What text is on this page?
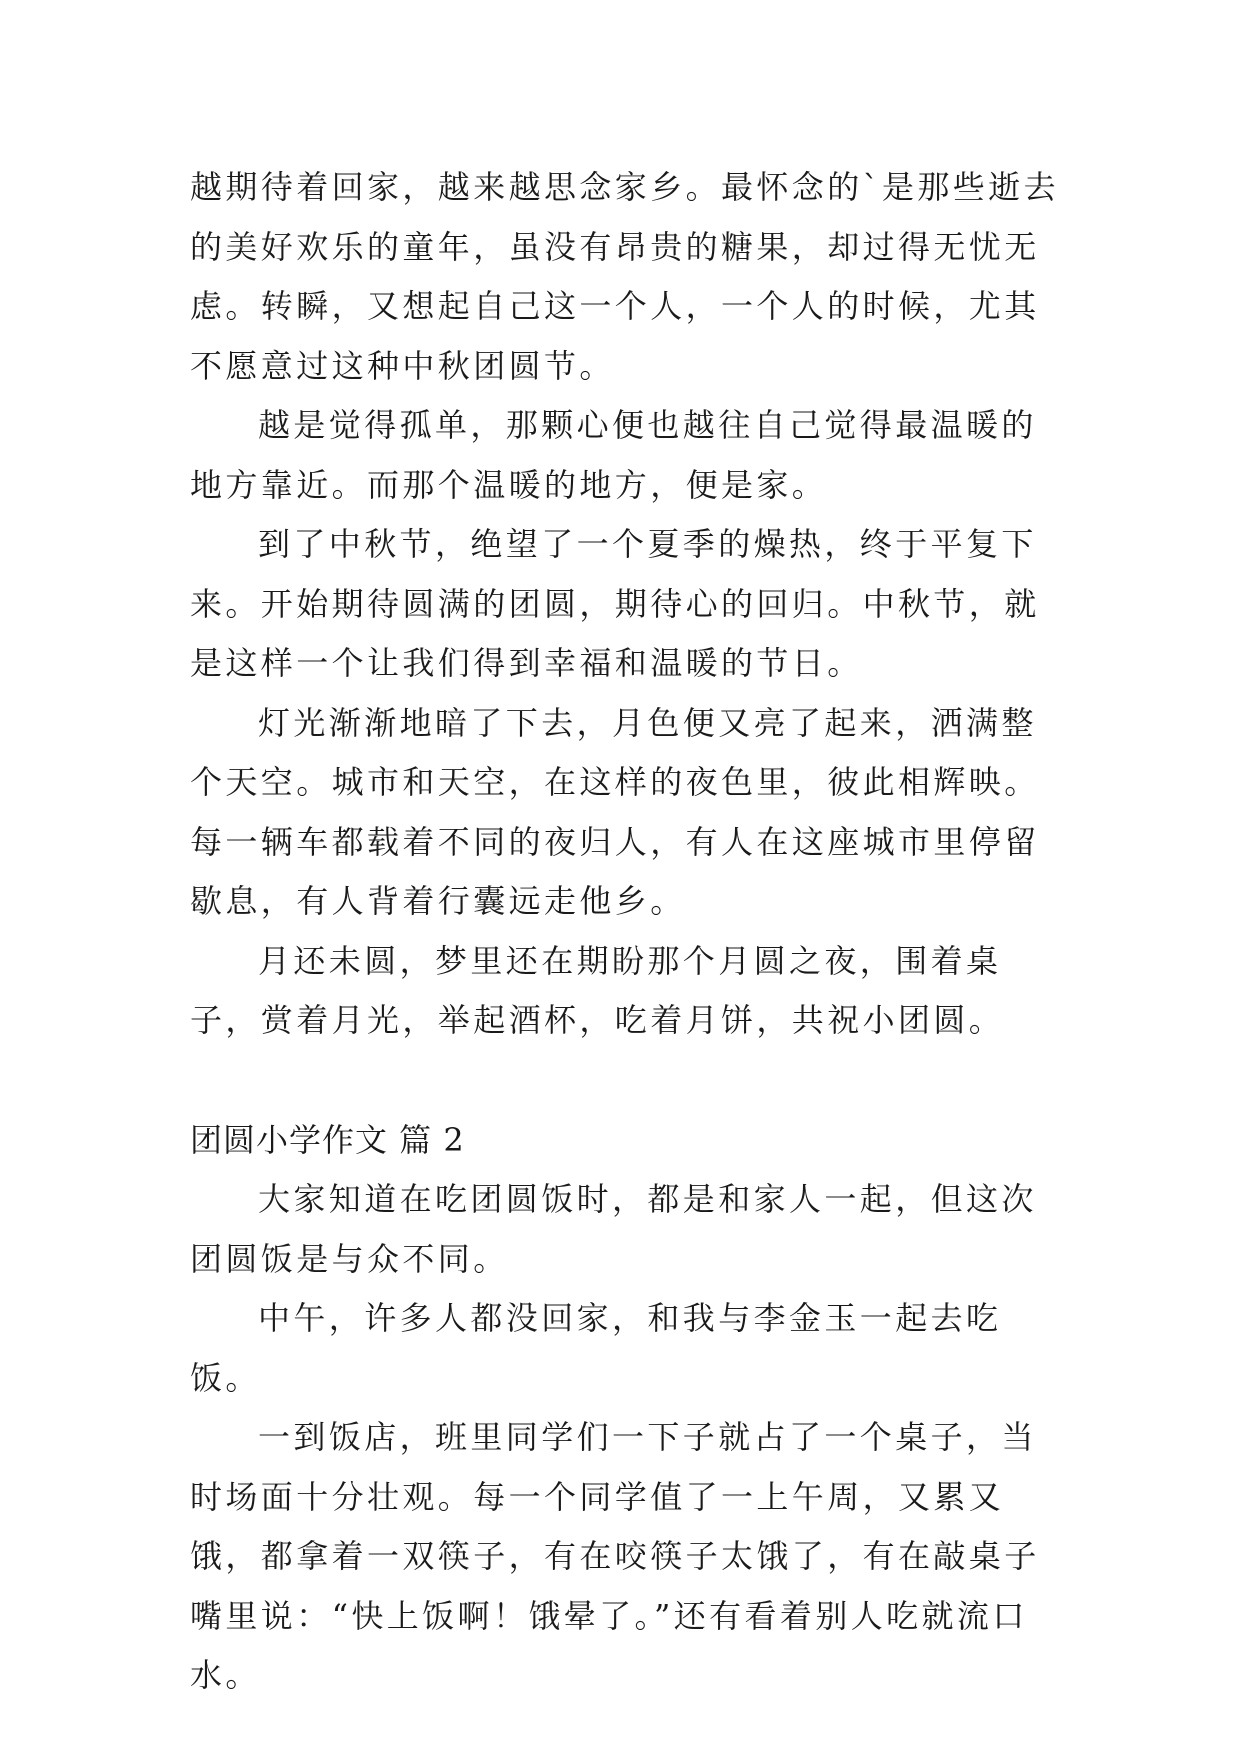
越期待着回家，越来越思念家乡。最怀念的`是那些逝去的美好欢乐的童年，虽没有昂贵的糖果，却过得无忧无虑。转瞬，又想起自己这一个人，一个人的时候，尤其不愿意过这种中秋团圆节。

越是觉得孤单，那颗心便也越往自己觉得最温暖的地方靠近。而那个温暖的地方，便是家。

到了中秋节，绝望了一个夏季的燥热，终于平复下来。开始期待圆满的团圆，期待心的回归。中秋节，就是这样一个让我们得到幸福和温暖的节日。

灯光渐渐地暗了下去，月色便又亮了起来，洒满整个天空。城市和天空，在这样的夜色里，彼此相辉映。每一辆车都载着不同的夜归人，有人在这座城市里停留歇息，有人背着行囊远走他乡。

月还未圆，梦里还在期盼那个月圆之夜，围着桌子，赏着月光，举起酒杯，吃着月饼，共祝小团圆。

团圆小学作文 篇 2

大家知道在吃团圆饭时，都是和家人一起，但这次团圆饭是与众不同。

中午，许多人都没回家，和我与李金玉一起去吃饭。

一到饭店，班里同学们一下子就占了一个桌子，当时场面十分壮观。每一个同学值了一上午周，又累又饿，都拿着一双筷子，有在咬筷子太饿了，有在敲桌子嘴里说：“快上饭啊！饿晕了。”还有看着别人吃就流口水。
